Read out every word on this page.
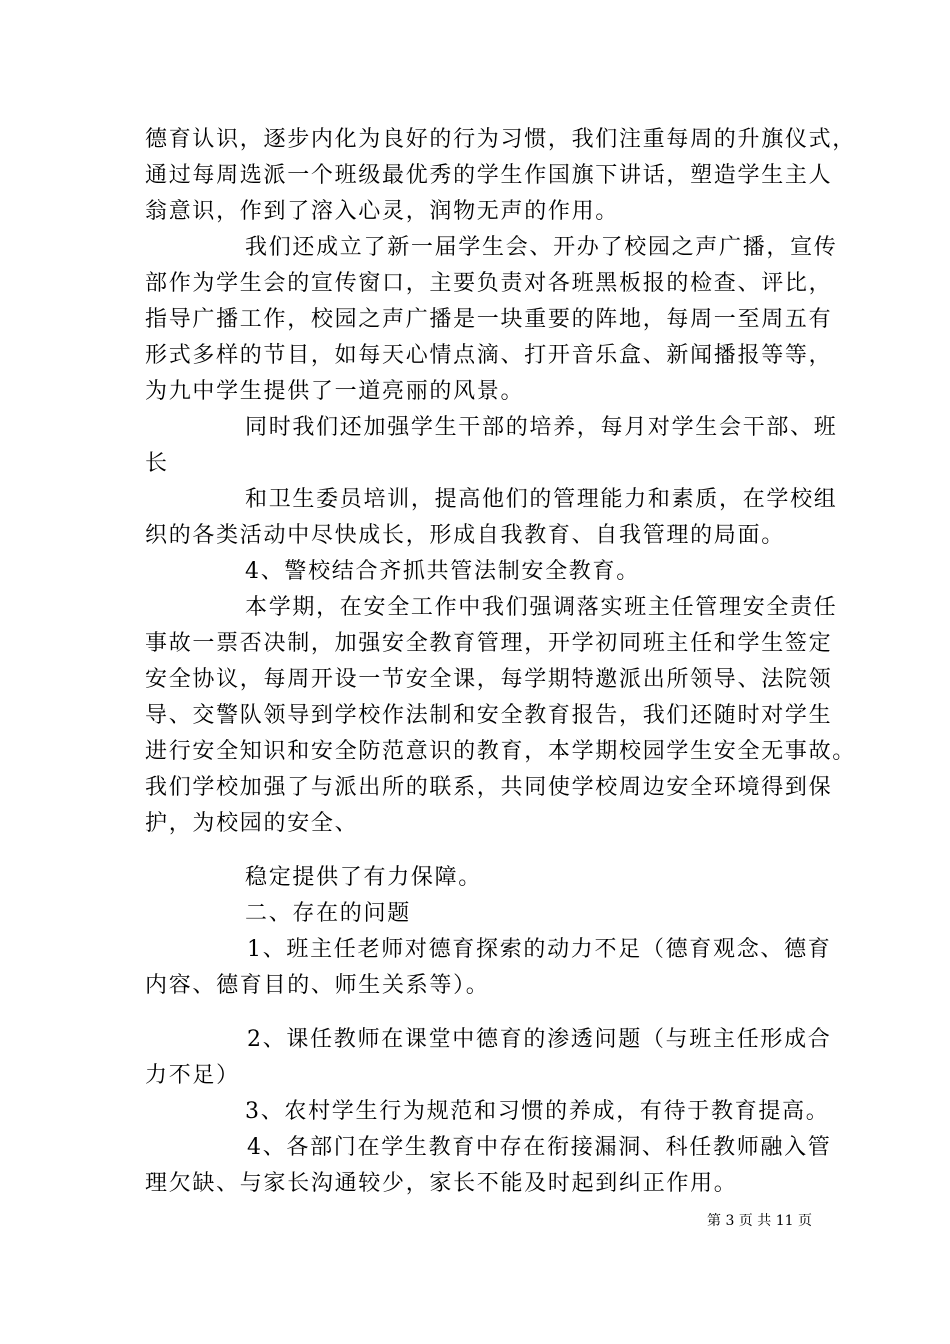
德育认识，逐步内化为良好的行为习惯，我们注重每周的升旗仪式，
通过每周选派一个班级最优秀的学生作国旗下讲话，塑造学生主人
翁意识，作到了溶入心灵，润物无声的作用。
我们还成立了新一届学生会、开办了校园之声广播，宣传
部作为学生会的宣传窗口，主要负责对各班黑板报的检查、评比，
指导广播工作，校园之声广播是一块重要的阵地，每周一至周五有
形式多样的节目，如每天心情点滴、打开音乐盒、新闻播报等等，
为九中学生提供了一道亮丽的风景。
同时我们还加强学生干部的培养，每月对学生会干部、班
长
和卫生委员培训，提高他们的管理能力和素质，在学校组
织的各类活动中尽快成长，形成自我教育、自我管理的局面。
4、警校结合齐抓共管法制安全教育。
本学期，在安全工作中我们强调落实班主任管理安全责任
事故一票否决制，加强安全教育管理，开学初同班主任和学生签定
安全协议，每周开设一节安全课，每学期特邀派出所领导、法院领
导、交警队领导到学校作法制和安全教育报告，我们还随时对学生
进行安全知识和安全防范意识的教育，本学期校园学生安全无事故。
我们学校加强了与派出所的联系，共同使学校周边安全环境得到保
护，为校园的安全、
稳定提供了有力保障。
二、存在的问题
1、班主任老师对德育探索的动力不足（德育观念、德育
内容、德育目的、师生关系等）。
2、课任教师在课堂中德育的渗透问题（与班主任形成合
力不足）
3、农村学生行为规范和习惯的养成，有待于教育提高。
4、各部门在学生教育中存在衔接漏洞、科任教师融入管
理欠缺、与家长沟通较少，家长不能及时起到纠正作用。
第 3 页 共 11 页
